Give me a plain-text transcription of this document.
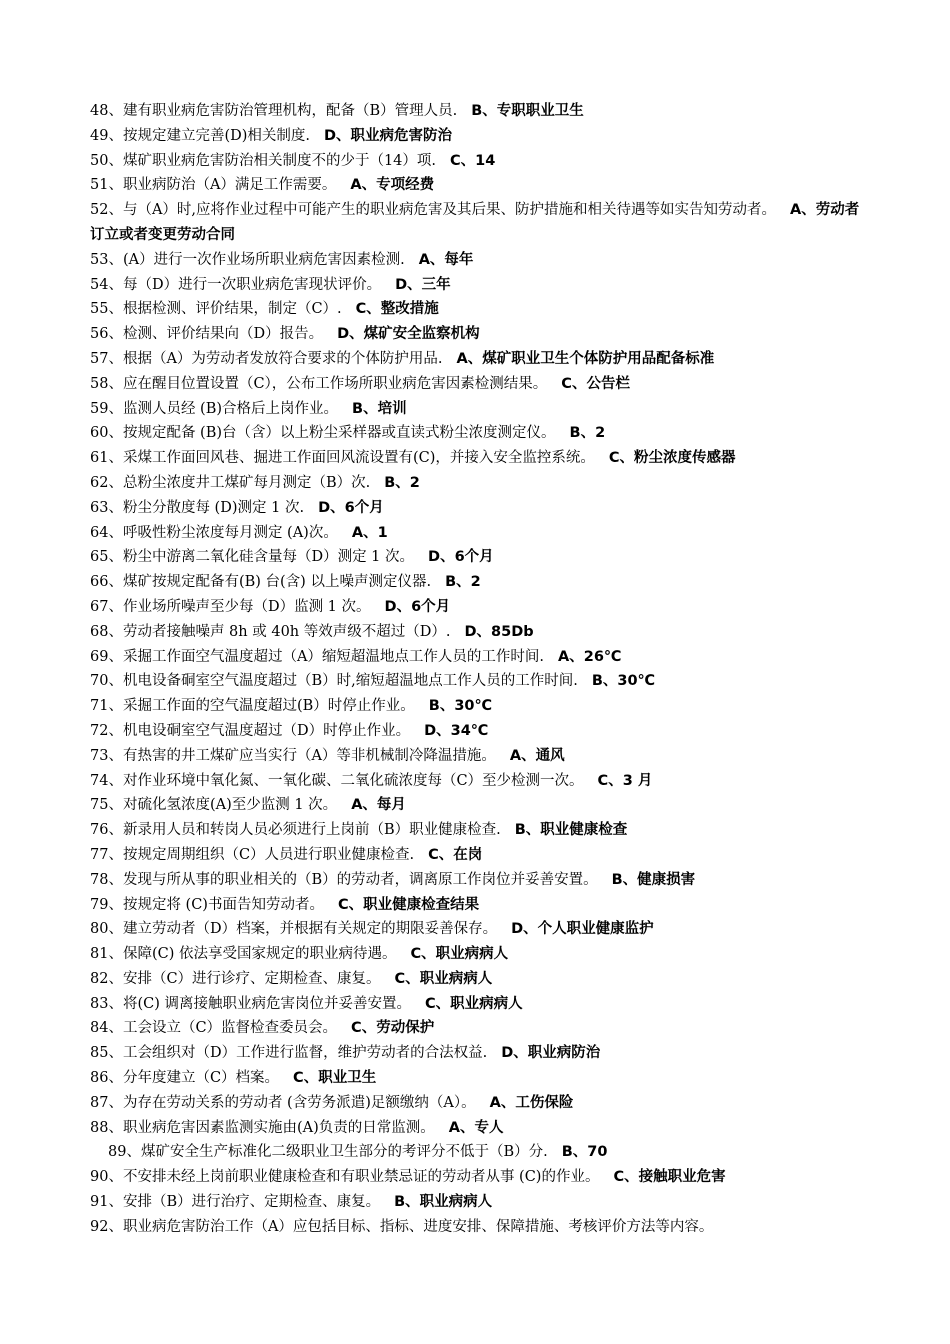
48、建有职业病危害防治管理机构，配备（B）管理人员. B、专职职业卫生
49、按规定建立完善(D)相关制度. D、职业病危害防治
50、煤矿职业病危害防治相关制度不的少于（14）项. C、14
51、职业病防治（A）满足工作需要。 A、专项经费
52、与（A）时,应将作业过程中可能产生的职业病危害及其后果、防护措施和相关待遇等如实告知劳动者。 A、劳动者订立或者变更劳动合同
53、(A）进行一次作业场所职业病危害因素检测. A、每年
54、每（D）进行一次职业病危害现状评价。 D、三年
55、根据检测、评价结果，制定（C）. C、整改措施
56、检测、评价结果向（D）报告。 D、煤矿安全监察机构
57、根据（A）为劳动者发放符合要求的个体防护用品. A、煤矿职业卫生个体防护用品配备标准
58、应在醒目位置设置（C），公布工作场所职业病危害因素检测结果。 C、公告栏
59、监测人员经 (B)合格后上岗作业。 B、培训
60、按规定配备 (B)台（含）以上粉尘采样器或直读式粉尘浓度测定仪。 B、2
61、采煤工作面回风巷、掘进工作面回风流设置有(C)，并接入安全监控系统。 C、粉尘浓度传感器
62、总粉尘浓度井工煤矿每月测定（B）次. B、2
63、粉尘分散度每 (D)测定 1 次. D、6个月
64、呼吸性粉尘浓度每月测定 (A)次。 A、1
65、粉尘中游离二氧化硅含量每（D）测定 1 次。 D、6个月
66、煤矿按规定配备有(B) 台(含) 以上噪声测定仪器. B、2
67、作业场所噪声至少每（D）监测 1 次。 D、6个月
68、劳动者接触噪声 8h 或 40h 等效声级不超过（D）. D、85Db
69、采掘工作面空气温度超过（A）缩短超温地点工作人员的工作时间. A、26℃
70、机电设备硐室空气温度超过（B）时,缩短超温地点工作人员的工作时间. B、30℃
71、采掘工作面的空气温度超过(B）时停止作业。 B、30℃
72、机电设硐室空气温度超过（D）时停止作业。 D、34℃
73、有热害的井工煤矿应当实行（A）等非机械制冷降温措施。 A、通风
74、对作业环境中氧化氮、一氧化碳、二氧化硫浓度每（C）至少检测一次。 C、3 月
75、对硫化氢浓度(A)至少监测 1 次。 A、每月
76、新录用人员和转岗人员必须进行上岗前（B）职业健康检查. B、职业健康检查
77、按规定周期组织（C）人员进行职业健康检查. C、在岗
78、发现与所从事的职业相关的（B）的劳动者，调离原工作岗位并妥善安置。 B、健康损害
79、按规定将 (C)书面告知劳动者。 C、职业健康检查结果
80、建立劳动者（D）档案，并根据有关规定的期限妥善保存。 D、个人职业健康监护
81、保障(C) 依法享受国家规定的职业病待遇。 C、职业病病人
82、安排（C）进行诊疗、定期检查、康复。 C、职业病病人
83、将(C) 调离接触职业病危害岗位并妥善安置。 C、职业病病人
84、工会设立（C）监督检查委员会。 C、劳动保护
85、工会组织对（D）工作进行监督，维护劳动者的合法权益. D、职业病防治
86、分年度建立（C）档案。 C、职业卫生
87、为存在劳动关系的劳动者 (含劳务派遣)足额缴纳（A）。 A、工伤保险
88、职业病危害因素监测实施由(A)负责的日常监测。 A、专人
89、煤矿安全生产标准化二级职业卫生部分的考评分不低于（B）分. B、70
90、不安排未经上岗前职业健康检查和有职业禁忌证的劳动者从事 (C)的作业。 C、接触职业危害
91、安排（B）进行治疗、定期检查、康复。 B、职业病病人
92、职业病危害防治工作（A）应包括目标、指标、进度安排、保障措施、考核评价方法等内容。
